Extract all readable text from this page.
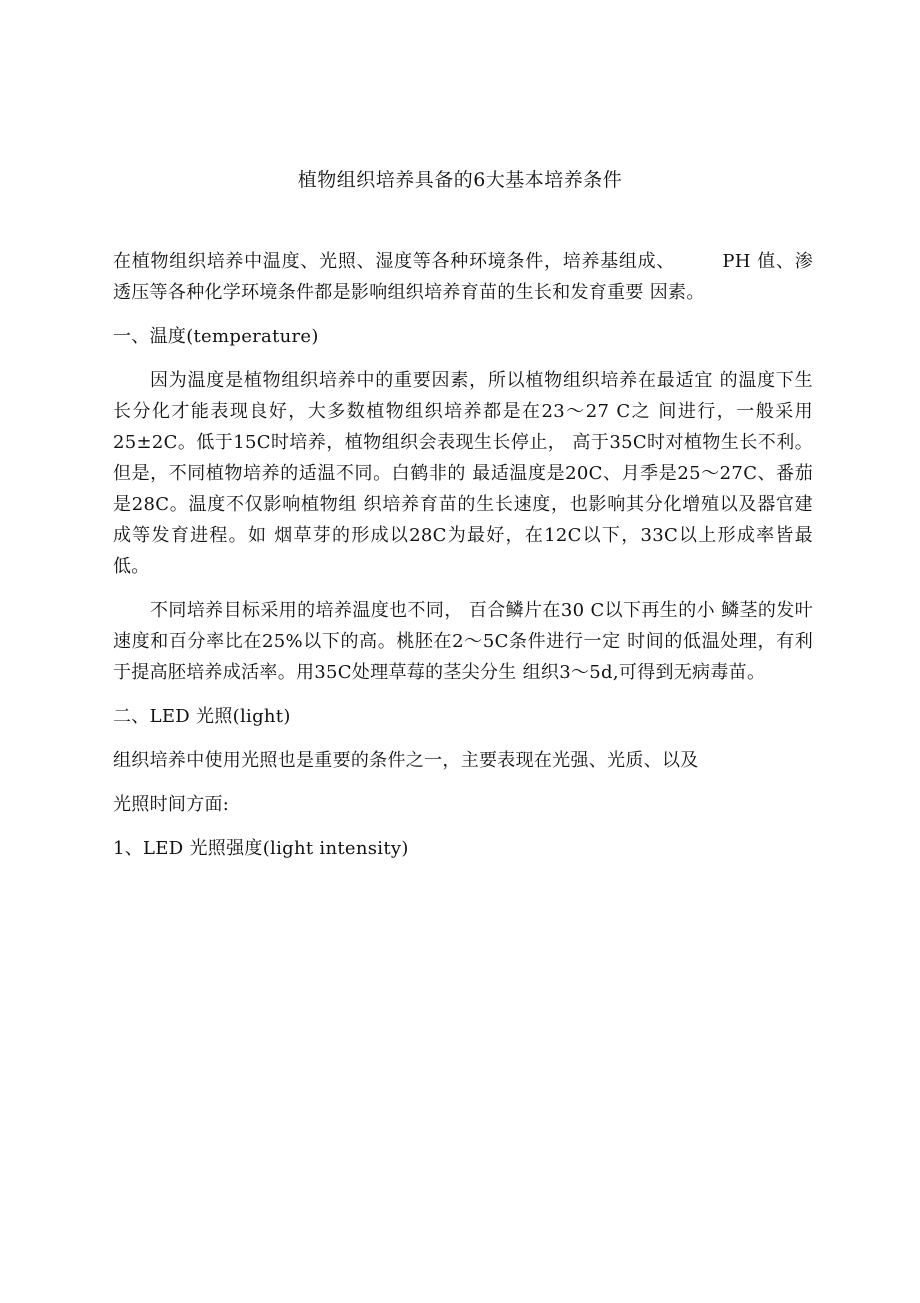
植物组织培养具备的6大基本培养条件

在植物组织培养中温度、光照、湿度等各种环境条件，培养基组成、　　　PH 值、渗透压等各种化学环境条件都是影响组织培养育苗的生长和发育重要 因素。

一、温度(temperature)

因为温度是植物组织培养中的重要因素，所以植物组织培养在最适宜 的温度下生长分化才能表现良好，大多数植物组织培养都是在23～27 C之 间进行，一般采用25±2C。低于15C时培养，植物组织会表现生长停止， 高于35C时对植物生长不利。但是，不同植物培养的适温不同。白鹤非的 最适温度是20C、月季是25～27C、番茄是28C。温度不仅影响植物组 织培养育苗的生长速度，也影响其分化增殖以及器官建成等发育进程。如 烟草芽的形成以28C为最好，在12C以下，33C以上形成率皆最低。

不同培养目标采用的培养温度也不同， 百合鳞片在30 C以下再生的小 鳞茎的发叶速度和百分率比在25%以下的高。桃胚在2～5C条件进行一定 时间的低温处理，有利于提高胚培养成活率。用35C处理草莓的茎尖分生 组织3～5d,可得到无病毒苗。

二、LED 光照(light)
组织培养中使用光照也是重要的条件之一，主要表现在光强、光质、以及
光照时间方面:
1、LED 光照强度(light intensity)
